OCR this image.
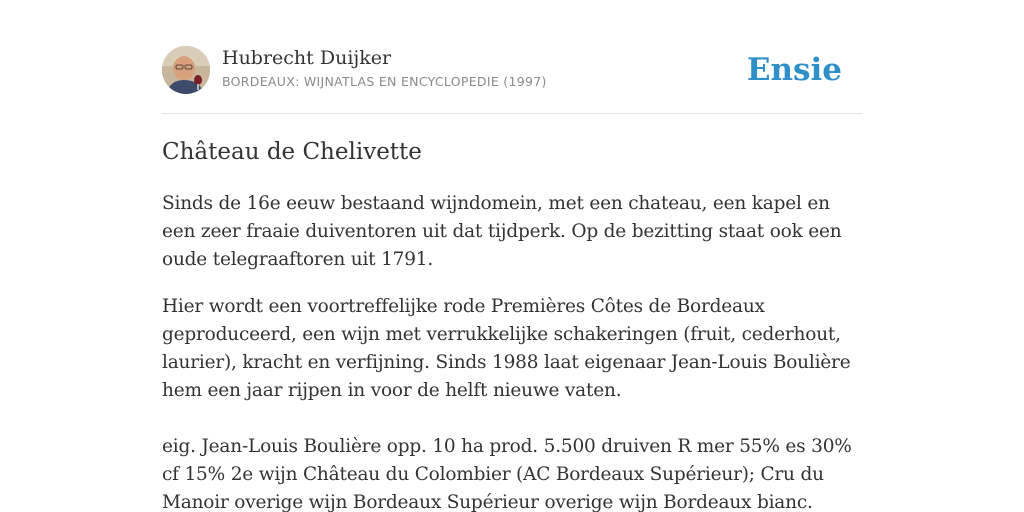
Hubrecht Duijker
BORDEAUX: WIJNATLAS EN ENCYCLOPEDIE (1997)	Ensie
Château de Chelivette

Sinds de 16e eeuw bestaand wijndomein, met een chateau, een kapel en een zeer fraaie duiventoren uit dat tijdperk. Op de bezitting staat ook een oude telegraaftoren uit 1791.

Hier wordt een voortreffelijke rode Premières Côtes de Bordeaux geproduceerd, een wijn met verrukkelijke schakeringen (fruit, cederhout, laurier), kracht en verfijning. Sinds 1988 laat eigenaar Jean-Louis Boulière hem een jaar rijpen in voor de helft nieuwe vaten.

eig. Jean-Louis Boulière opp. 10 ha prod. 5.500 druiven R mer 55% es 30% cf 15% 2e wijn Château du Colombier (AC Bordeaux Supérieur); Cru du Manoir overige wijn Bordeaux Supérieur overige wijn Bordeaux bianc.
